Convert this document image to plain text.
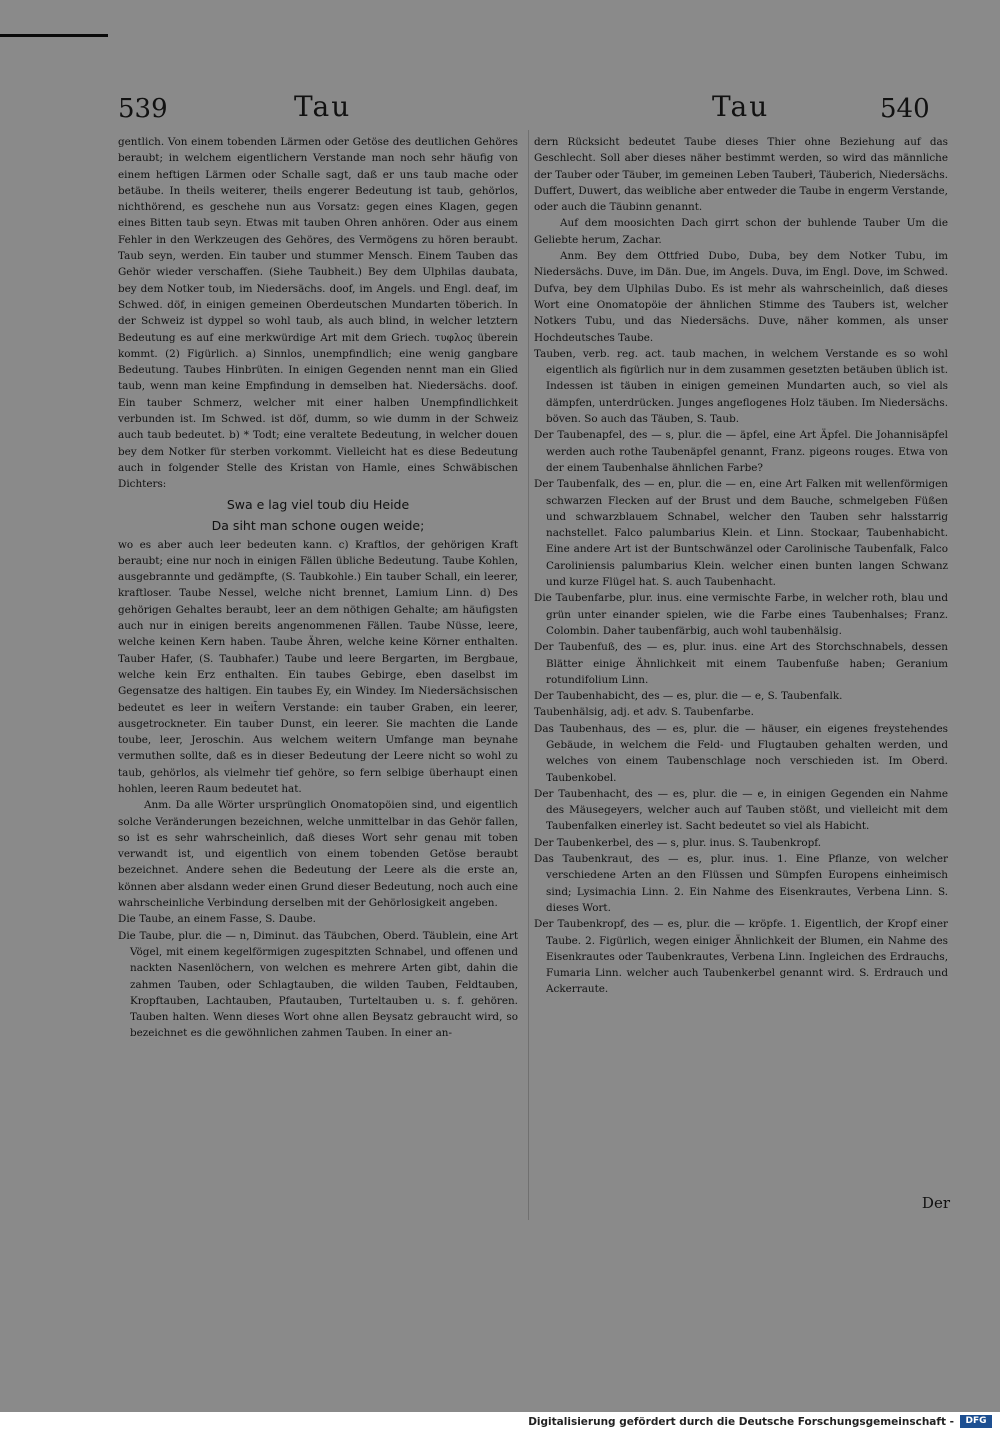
539	Tau	Tau	540

gentlich. Von einem tobenden Lärmen oder Getöse des deutlichen Gehöres beraubt; in welchem eigentlichern Verstande man noch sehr häufig von einem heftigen Lärmen oder Schalle sagt, daß er uns taub mache oder betäube. In theils weiterer, theils engerer Bedeutung ist taub, gehörlos, nichthörend, es geschehe nun aus Vorsatz: gegen eines Klagen, gegen eines Bitten taub seyn. Etwas mit tauben Ohren anhören. Oder aus einem Fehler in den Werkzeugen des Gehöres, des Vermögens zu hören beraubt. Taub seyn, werden. Ein tauber und stummer Mensch. Einem Tauben das Gehör wieder verschaffen. (Siehe Taubheit.) Bey dem Ulphilas daubata, bey dem Notker toub, im Niedersächs. doof, im Angels. und Engl. deaf, im Schwed. döf, in einigen gemeinen Oberdeutschen Mundarten töberich. In der Schweiz ist dyppel so wohl taub, als auch blind, in welcher letztern Bedeutung es auf eine merkwürdige Art mit dem Griech. τυφλος überein kommt. (2) Figürlich. a) Sinnlos, unempfindlich; eine wenig gangbare Bedeutung. Taubes Hinbrüten. In einigen Gegenden nennt man ein Glied taub, wenn man keine Empfindung in demselben hat. Niedersächs. doof. Ein tauber Schmerz, welcher mit einer halben Unempfindlichkeit verbunden ist. Im Schwed. ist döf, dumm, so wie dumm in der Schweiz auch taub bedeutet. b) * Todt; eine veraltete Bedeutung, in welcher douen bey dem Notker für sterben vorkommt. Vielleicht hat es diese Bedeutung auch in folgender Stelle des Kristan von Hamle, eines Schwäbischen Dichters:

Swa e lag viel toub diu Heide
Da siht man schone ougen weide;

wo es aber auch leer bedeuten kann. c) Kraftlos, der gehörigen Kraft beraubt; eine nur noch in einigen Fällen übliche Bedeutung. Taube Kohlen, ausgebrannte und gedämpfte, (S. Taubkohle.) Ein tauber Schall, ein leerer, kraftloser. Taube Nessel, welche nicht brennet, Lamium Linn. d) Des gehörigen Gehaltes beraubt, leer an dem nöthigen Gehalte; am häufigsten auch nur in einigen bereits angenommenen Fällen. Taube Nüsse, leere, welche keinen Kern haben. Taube Ähren, welche keine Körner enthalten. Tauber Hafer, (S. Taubhafer.) Taube und leere Bergarten, im Bergbaue, welche kein Erz enthalten. Ein taubes Gebirge, eben daselbst im Gegensatze des haltigen. Ein taubes Ey, ein Windey. Im Niedersächsischen bedeutet es leer in weit̄ern Verstande: ein tauber Graben, ein leerer, ausgetrockneter. Ein tauber Dunst, ein leerer. Sie machten die Lande toube, leer, Jeroschin. Aus welchem weitern Umfange man beynahe vermuthen sollte, daß es in dieser Bedeutung der Leere nicht so wohl zu taub, gehörlos, als vielmehr tief gehöre, so fern selbige überhaupt einen hohlen, leeren Raum bedeutet hat.

Anm. Da alle Wörter ursprünglich Onomatopöien sind, und eigentlich solche Veränderungen bezeichnen, welche unmittelbar in das Gehör fallen, so ist es sehr wahrscheinlich, daß dieses Wort sehr genau mit toben verwandt ist, und eigentlich von einem tobenden Getöse beraubt bezeichnet. Andere sehen die Bedeutung der Leere als die erste an, können aber alsdann weder einen Grund dieser Bedeutung, noch auch eine wahrscheinliche Verbindung derselben mit der Gehörlosigkeit angeben.

Die Taube, an einem Fasse, S. Daube.

Die Taube, plur. die — n, Diminut. das Täubchen, Oberd. Täublein, eine Art Vögel, mit einem kegelförmigen zugespitzten Schnabel, und offenen und nackten Nasenlöchern, von welchen es mehrere Arten gibt, dahin die zahmen Tauben, oder Schlagtauben, die wilden Tauben, Feldtauben, Kropftauben, Lachtauben, Pfautauben, Turteltauben u. s. f. gehören. Tauben halten. Wenn dieses Wort ohne allen Beysatz gebraucht wird, so bezeichnet es die gewöhnlichen zahmen Tauben. In einer an-

dern Rücksicht bedeutet Taube dieses Thier ohne Beziehung auf das Geschlecht. Soll aber dieses näher bestimmt werden, so wird das männliche der Tauber oder Täuber, im gemeinen Leben Tauberł, Täuberich, Niedersächs. Duffert, Duwert, das weibliche aber entweder die Taube in engerm Verstande, oder auch die Täubinn genannt.

Auf dem moosichten Dach girrt schon der buhlende Tauber Um die Geliebte herum, Zachar.

Anm. Bey dem Ottfried Dubo, Duba, bey dem Notker Tubu, im Niedersächs. Duve, im Dän. Due, im Angels. Duva, im Engl. Dove, im Schwed. Dufva, bey dem Ulphilas Dubo. Es ist mehr als wahrscheinlich, daß dieses Wort eine Onomatopöie der ähnlichen Stimme des Taubers ist, welcher Notkers Tubu, und das Niedersächs. Duve, näher kommen, als unser Hochdeutsches Taube.

Tauben, verb. reg. act. taub machen, in welchem Verstande es so wohl eigentlich als figürlich nur in dem zusammen gesetzten betäuben üblich ist. Indessen ist täuben in einigen gemeinen Mundarten auch, so viel als dämpfen, unterdrücken. Junges angeflogenes Holz täuben. Im Niedersächs. böven. So auch das Täuben, S. Taub.

Der Taubenapfel, des — s, plur. die — äpfel, eine Art Äpfel. Die Johannisäpfel werden auch rothe Taubenäpfel genannt, Franz. pigeons rouges. Etwa von der einem Taubenhalse ähnlichen Farbe?

Der Taubenfalk, des — en, plur. die — en, eine Art Falken mit wellenförmigen schwarzen Flecken auf der Brust und dem Bauche, schmelgeben Füßen und schwarzblauem Schnabel, welcher den Tauben sehr halsstarrig nachstellet. Falco palumbarius Klein. et Linn. Stockaar, Taubenhabicht. Eine andere Art ist der Buntschwänzel oder Carolinische Taubenfalk, Falco Caroliniensis palumbarius Klein. welcher einen bunten langen Schwanz und kurze Flügel hat. S. auch Taubenhacht.

Die Taubenfarbe, plur. inus. eine vermischte Farbe, in welcher roth, blau und grün unter einander spielen, wie die Farbe eines Taubenhalses; Franz. Colombin. Daher taubenfärbig, auch wohl taubenhälsig.

Der Taubenfuß, des — es, plur. inus. eine Art des Storchschnabels, dessen Blätter einige Ähnlichkeit mit einem Taubenfuße haben; Geranium rotundifolium Linn.

Der Taubenhabicht, des — es, plur. die — e, S. Taubenfalk.

Taubenhälsig, adj. et adv. S. Taubenfarbe.

Das Taubenhaus, des — es, plur. die — häuser, ein eigenes freystehendes Gebäude, in welchem die Feld- und Flugtauben gehalten werden, und welches von einem Taubenschlage noch verschieden ist. Im Oberd. Taubenkobel.

Der Taubenhacht, des — es, plur. die — e, in einigen Gegenden ein Nahme des Mäusegeyers, welcher auch auf Tauben stößt, und vielleicht mit dem Taubenfalken einerley ist. Sacht bedeutet so viel als Habicht.

Der Taubenkerbel, des — s, plur. inus. S. Taubenkropf.

Das Taubenkraut, des — es, plur. inus. 1. Eine Pflanze, von welcher verschiedene Arten an den Flüssen und Sümpfen Europens einheimisch sind; Lysimachia Linn. 2. Ein Nahme des Eisenkrautes, Verbena Linn. S. dieses Wort.

Der Taubenkropf, des — es, plur. die — kröpfe. 1. Eigentlich, der Kropf einer Taube. 2. Figürlich, wegen einiger Ähnlichkeit der Blumen, ein Nahme des Eisenkrautes oder Taubenkrautes, Verbena Linn. Ingleichen des Erdrauchs, Fumaria Linn. welcher auch Taubenkerbel genannt wird. S. Erdrauch und Ackerraute.

Der
Digitalisierung gefördert durch die Deutsche Forschungsgemeinschaft -	DFG
